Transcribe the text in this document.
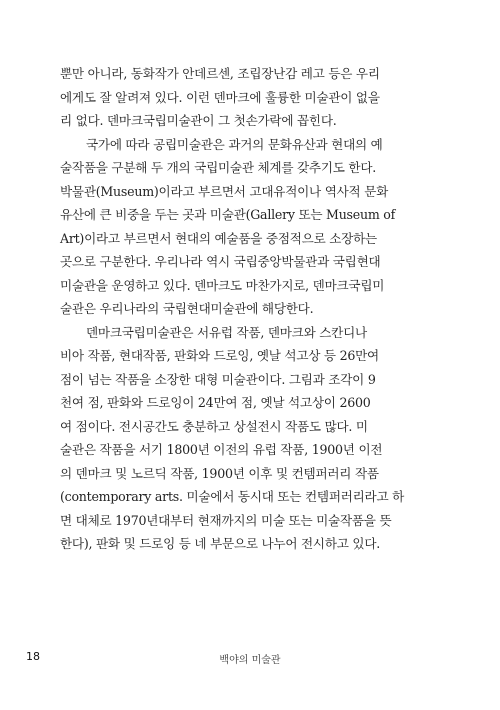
뿐만 아니라, 동화작가 안데르센, 조립장난감 레고 등은 우리
에게도 잘 알려져 있다. 이런 덴마크에 훌륭한 미술관이 없을
리 없다. 덴마크국립미술관이 그 첫손가락에 꼽힌다.
국가에 따라 공립미술관은 과거의 문화유산과 현대의 예
술작품을 구분해 두 개의 국립미술관 체계를 갖추기도 한다.
박물관(Museum)이라고 부르면서 고대유적이나 역사적 문화
유산에 큰 비중을 두는 곳과 미술관(Gallery 또는 Museum of
Art)이라고 부르면서 현대의 예술품을 중점적으로 소장하는
곳으로 구분한다. 우리나라 역시 국립중앙박물관과 국립현대
미술관을 운영하고 있다. 덴마크도 마찬가지로, 덴마크국립미
술관은 우리나라의 국립현대미술관에 해당한다.
덴마크국립미술관은 서유럽 작품, 덴마크와 스칸디나
비아 작품, 현대작품, 판화와 드로잉, 옛날 석고상 등 26만여
점이 넘는 작품을 소장한 대형 미술관이다. 그림과 조각이 9
천여 점, 판화와 드로잉이 24만여 점, 옛날 석고상이 2600
여 점이다. 전시공간도 충분하고 상설전시 작품도 많다. 미
술관은 작품을 서기 1800년 이전의 유럽 작품, 1900년 이전
의 덴마크 및 노르딕 작품, 1900년 이후 및 컨템퍼러리 작품
(contemporary arts. 미술에서 동시대 또는 컨템퍼러리라고 하
면 대체로 1970년대부터 현재까지의 미술 또는 미술작품을 뜻
한다), 판화 및 드로잉 등 네 부문으로 나누어 전시하고 있다.
18	백야의 미술관
